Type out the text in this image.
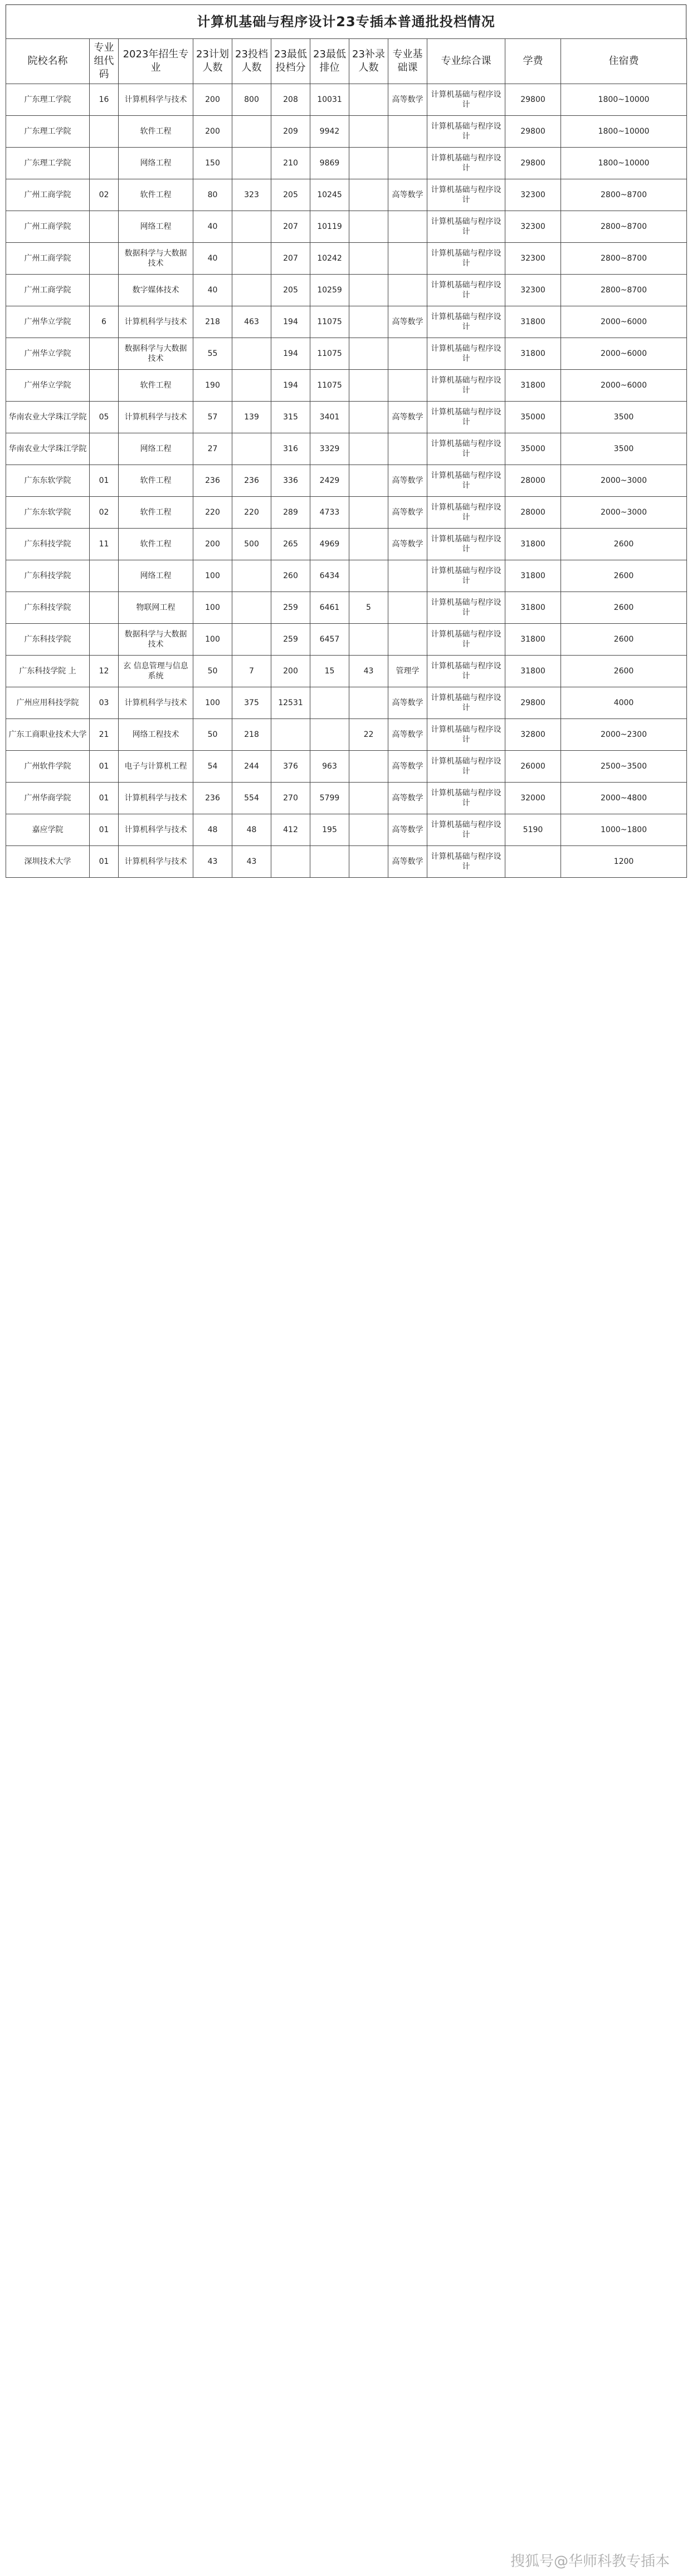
计算机基础与程序设计23专插本普通批投档情况
院校名称	专业组代码	2023年招生专业	23计划人数	23投档人数	23最低投档分	23最低排位	23补录人数	专业基础课	专业综合课	学费	住宿费
广东理工学院	16	计算机科学与技术	200	800	208	10031		高等数学	计算机基础与程序设计	29800	1800~10000
广东理工学院		软件工程	200		209	9942			计算机基础与程序设计	29800	1800~10000
广东理工学院		网络工程	150		210	9869			计算机基础与程序设计	29800	1800~10000
广州工商学院	02	软件工程	80	323	205	10245		高等数学	计算机基础与程序设计	32300	2800~8700
广州工商学院		网络工程	40		207	10119			计算机基础与程序设计	32300	2800~8700
广州工商学院		数据科学与大数据技术	40		207	10242			计算机基础与程序设计	32300	2800~8700
广州工商学院		数字媒体技术	40		205	10259			计算机基础与程序设计	32300	2800~8700
广州华立学院	6	计算机科学与技术	218	463	194	11075		高等数学	计算机基础与程序设计	31800	2000~6000
广州华立学院		数据科学与大数据技术	55		194	11075			计算机基础与程序设计	31800	2000~6000
广州华立学院		软件工程	190		194	11075			计算机基础与程序设计	31800	2000~6000
华南农业大学珠江学院	05	计算机科学与技术	57	139	315	3401		高等数学	计算机基础与程序设计	35000	3500
华南农业大学珠江学院		网络工程	27		316	3329			计算机基础与程序设计	35000	3500
广东东软学院	01	软件工程	236	236	336	2429		高等数学	计算机基础与程序设计	28000	2000~3000
广东东软学院	02	软件工程	220	220	289	4733		高等数学	计算机基础与程序设计	28000	2000~3000
广东科技学院	11	软件工程	200	500	265	4969		高等数学	计算机基础与程序设计	31800	2600
广东科技学院		网络工程	100		260	6434			计算机基础与程序设计	31800	2600
广东科技学院		物联网工程	100		259	6461	5		计算机基础与程序设计	31800	2600
广东科技学院		数据科学与大数据技术	100		259	6457			计算机基础与程序设计	31800	2600
广东科技学院 上	12	玄 信息管理与信息系统	50	7	200	15	43	管理学	计算机基础与程序设计	31800	2600
广州应用科技学院	03	计算机科学与技术	100	375	12531			高等数学	计算机基础与程序设计	29800	4000
广东工商职业技术大学	21	网络工程技术	50	218			22	高等数学	计算机基础与程序设计	32800	2000~2300
广州软件学院	01	电子与计算机工程	54	244	376	963		高等数学	计算机基础与程序设计	26000	2500~3500
广州华商学院	01	计算机科学与技术	236	554	270	5799		高等数学	计算机基础与程序设计	32000	2000~4800
嘉应学院	01	计算机科学与技术	48	48	412	195		高等数学	计算机基础与程序设计	5190	1000~1800
深圳技术大学	01	计算机科学与技术	43	43				高等数学	计算机基础与程序设计		1200
搜狐号@华师科教专插本
